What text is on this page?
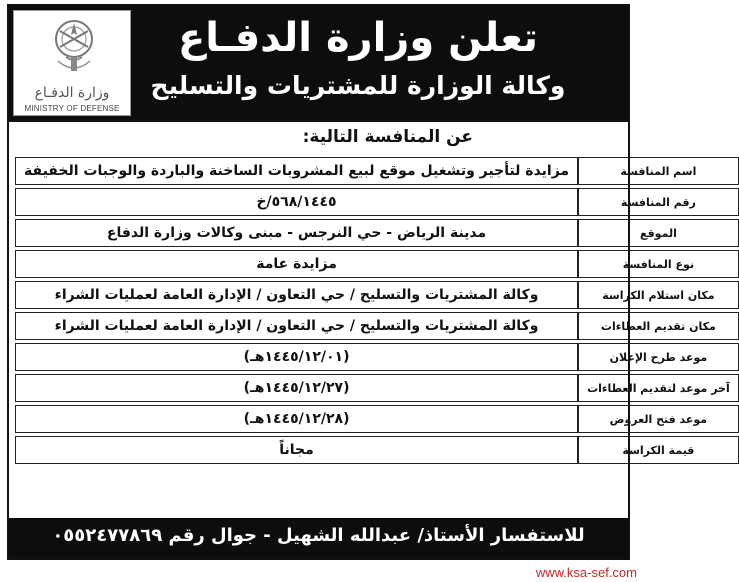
وزارة الدفـاع
MINISTRY OF DEFENSE
تعلن وزارة الدفـاع
وكالة الوزارة للمشتريات والتسليح
عن المنافسة التالية:
اسم المنافسة	مزايدة لتأجير وتشغيل موقع لبيع المشروبات الساخنة والباردة والوجبات الخفيفة
رقم المنافسة	٥٦٨/١٤٤٥/خ
الموقع	مدينة الرياض - حي النرجس - مبنى وكالات وزارة الدفاع
نوع المنافسة	مزايدة عامة
مكان استلام الكراسة	وكالة المشتريات والتسليح / حي التعاون / الإدارة العامة لعمليات الشراء
مكان تقديم العطاءات	وكالة المشتريات والتسليح / حي التعاون / الإدارة العامة لعمليات الشراء
موعد طرح الإعلان	(١٤٤٥/١٢/٠١هـ)
آخر موعد لتقديم العطاءات	(١٤٤٥/١٢/٢٧هـ)
موعد فتح العروض	(١٤٤٥/١٢/٢٨هـ)
قيمة الكراسة	مجاناً
للاستفسار الأستاذ/ عبدالله الشهيل - جوال رقم ٠٥٥٢٤٧٧٨٦٩
www.ksa-sef.com
